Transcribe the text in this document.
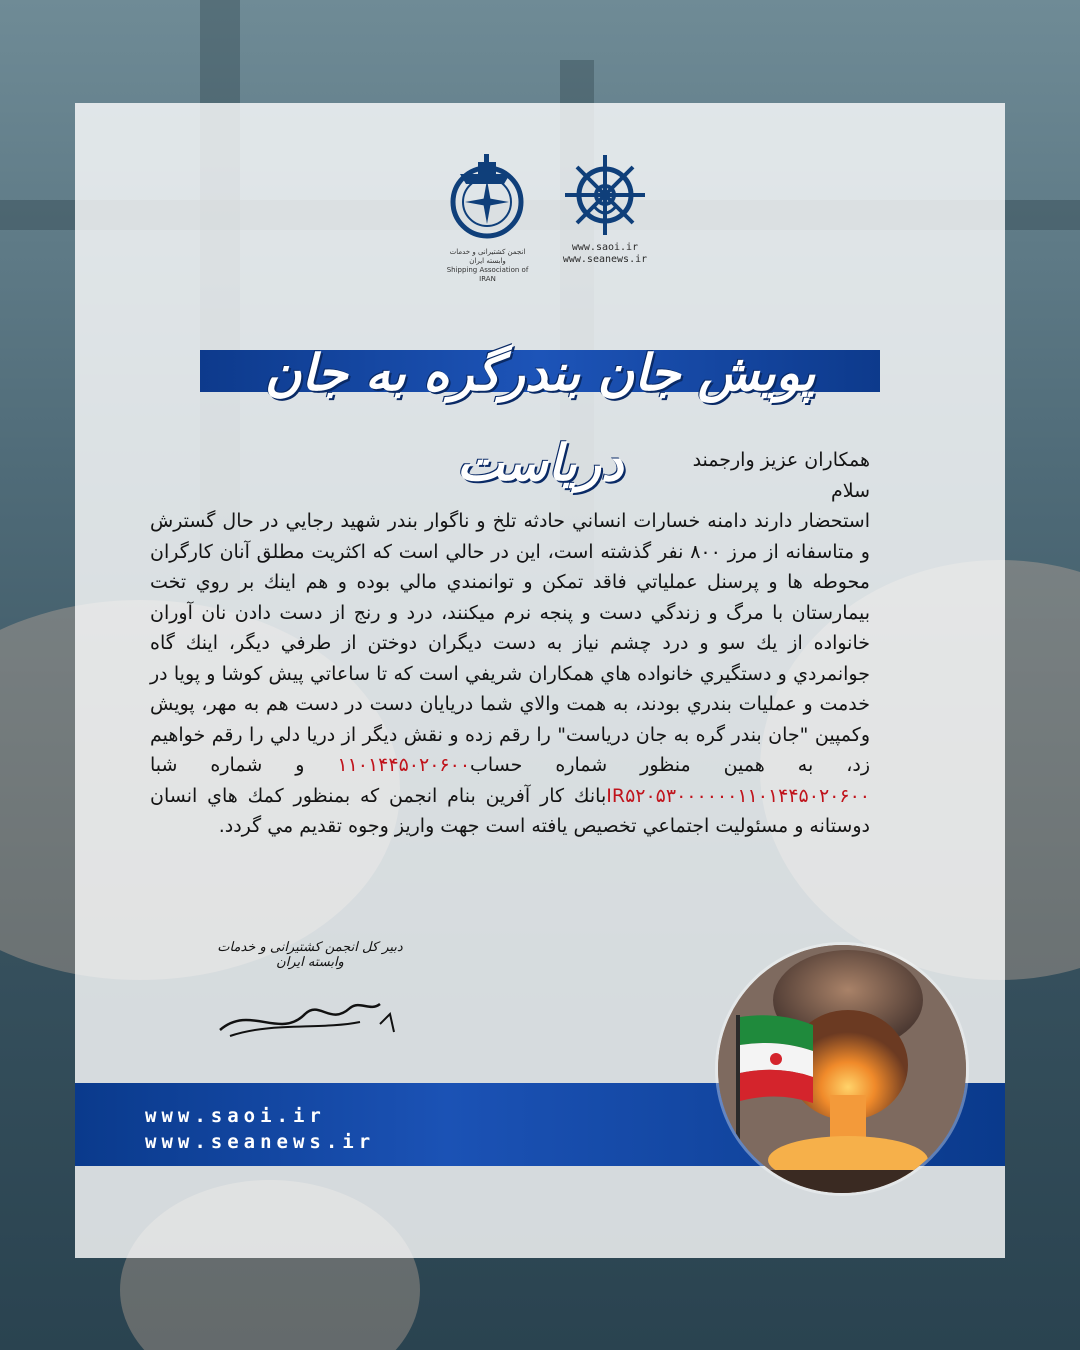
انجمن کشتیرانی و خدمات وابسته ایران
Shipping Association of IRAN
www.saoi.ir
www.seanews.ir
پویش جان بندرگره به جان دریاست	همکاران عزیز وارجمند

سلام

استحضار دارند دامنه خسارات انساني حادثه تلخ و ناگوار بندر شهيد رجايي در حال گسترش و متاسفانه از مرز ۸۰۰ نفر گذشته است، اين در حالي است كه اكثريت مطلق آنان كارگران محوطه ها و پرسنل عملياتي فاقد تمكن و توانمندي مالي بوده و هم اينك بر روي تخت بيمارستان با مرگ و زندگي دست و پنجه نرم ميكنند، درد و رنج از دست دادن نان آوران خانواده از يك سو و درد چشم نياز به دست ديگران دوختن از طرفي ديگر، اينك گاه جوانمردي و دستگيري خانواده هاي همكاران شريفي است كه تا ساعاتي پيش كوشا و پويا در خدمت و عمليات بندري بودند، به همت والاي شما دريايان دست در دست هم به مهر، پويش وكمپين "جان بندر گره به جان درياست" را رقم زده و نقش ديگر از دريا دلي را رقم خواهيم زد، به همين منظور شماره حساب۱۱۰۱۴۴۵۰۲۰۶۰۰ و شماره شبا IR۵۲۰۵۳۰۰۰۰۰۰۱۱۰۱۴۴۵۰۲۰۶۰۰بانك كار آفرين بنام انجمن كه بمنظور كمك هاي انسان دوستانه و مسئوليت اجتماعي تخصيص يافته است جهت واريز وجوه تقديم مي گردد.

دبیر کل انجمن کشتیرانی و خدمات وابسته ایران
www.saoi.ir
www.seanews.ir
